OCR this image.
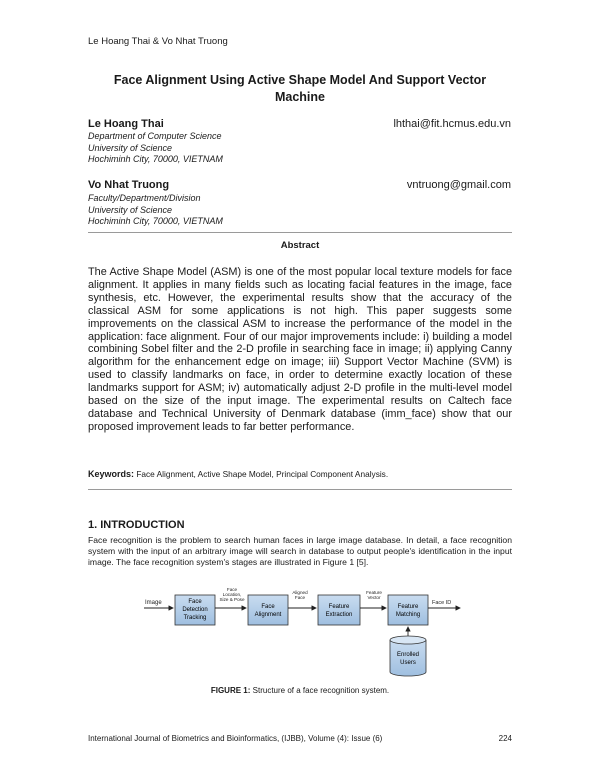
Le Hoang Thai & Vo Nhat Truong
Face Alignment Using Active Shape Model And Support Vector Machine
Le Hoang Thai	lhthai@fit.hcmus.edu.vn
Department of Computer Science
University of Science
Hochiminh City, 70000, VIETNAM
Vo Nhat Truong	vntruong@gmail.com
Faculty/Department/Division
University of Science
Hochiminh City, 70000, VIETNAM
Abstract
The Active Shape Model (ASM) is one of the most popular local texture models for face alignment. It applies in many fields such as locating facial features in the image, face synthesis, etc. However, the experimental results show that the accuracy of the classical ASM for some applications is not high. This paper suggests some improvements on the classical ASM to increase the performance of the model in the application: face alignment. Four of our major improvements include: i) building a model combining Sobel filter and the 2-D profile in searching face in image; ii) applying Canny algorithm for the enhancement edge on image; iii) Support Vector Machine (SVM) is used to classify landmarks on face, in order to determine exactly location of these landmarks support for ASM; iv) automatically adjust 2-D profile in the multi-level model based on the size of the input image. The experimental results on Caltech face database and Technical University of Denmark database (imm_face) show that our proposed improvement leads to far better performance.
Keywords: Face Alignment, Active Shape Model, Principal Component Analysis.
1. INTRODUCTION
Face recognition is the problem to search human faces in large image database. In detail, a face recognition system with the input of an arbitrary image will search in database to output people's identification in the input image. The face recognition system's stages are illustrated in Figure 1 [5].
Image	Face
Detection
Tracking
Face
Location,
Size & Pose
Face
Alignment
Aligned
Face
Feature
Extraction
Feature
Vector
Feature
Matching
Face ID
Enrolled
Users
FIGURE 1: Structure of a face recognition system.
International Journal of Biometrics and Bioinformatics, (IJBB), Volume (4): Issue (6)	224
